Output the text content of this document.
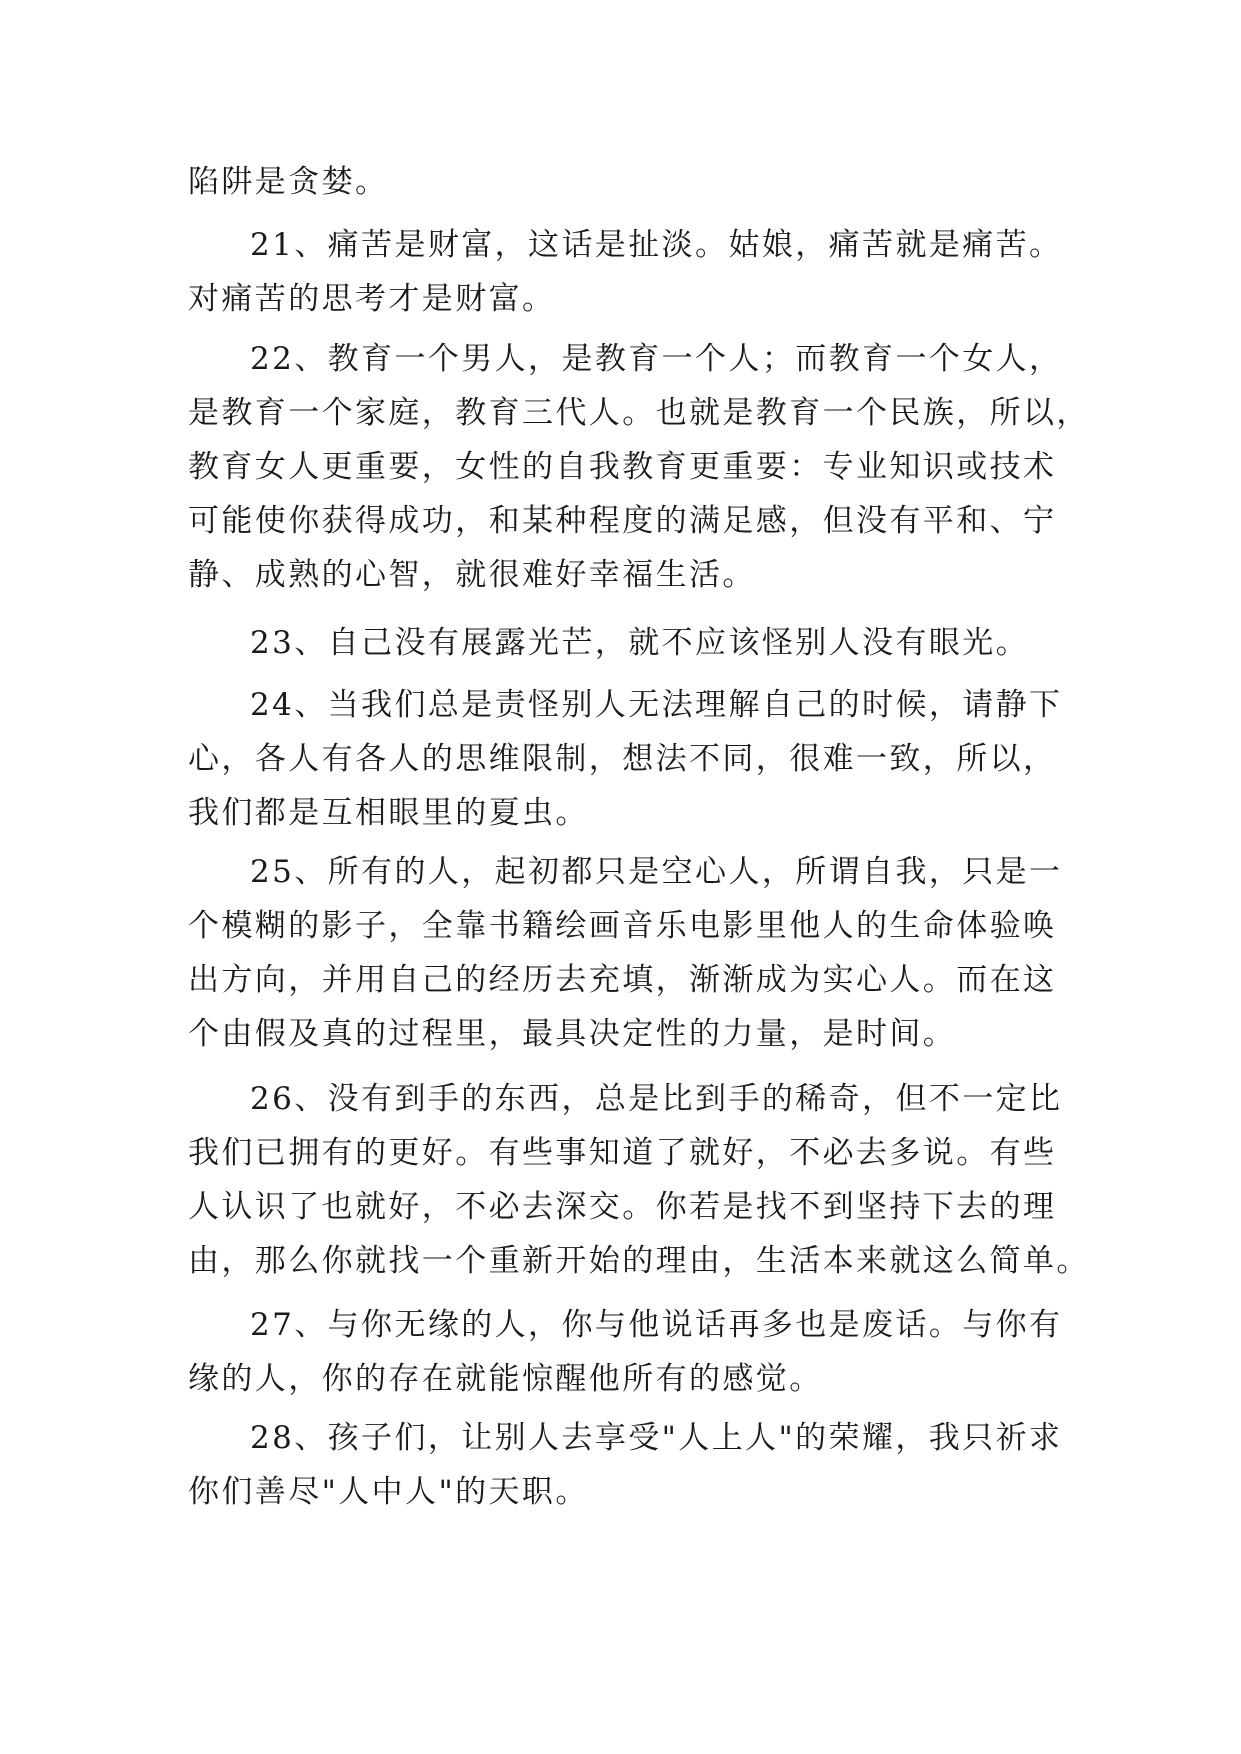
陷阱是贪婪。
21、痛苦是财富，这话是扯淡。姑娘，痛苦就是痛苦。
对痛苦的思考才是财富。
22、教育一个男人，是教育一个人；而教育一个女人，
是教育一个家庭，教育三代人。也就是教育一个民族，所以，
教育女人更重要，女性的自我教育更重要：专业知识或技术
可能使你获得成功，和某种程度的满足感，但没有平和、宁
静、成熟的心智，就很难好幸福生活。
23、自己没有展露光芒，就不应该怪别人没有眼光。
24、当我们总是责怪别人无法理解自己的时候，请静下
心，各人有各人的思维限制，想法不同，很难一致，所以，
我们都是互相眼里的夏虫。
25、所有的人，起初都只是空心人，所谓自我，只是一
个模糊的影子，全靠书籍绘画音乐电影里他人的生命体验唤
出方向，并用自己的经历去充填，渐渐成为实心人。而在这
个由假及真的过程里，最具决定性的力量，是时间。
26、没有到手的东西，总是比到手的稀奇，但不一定比
我们已拥有的更好。有些事知道了就好，不必去多说。有些
人认识了也就好，不必去深交。你若是找不到坚持下去的理
由，那么你就找一个重新开始的理由，生活本来就这么简单。
27、与你无缘的人，你与他说话再多也是废话。与你有
缘的人，你的存在就能惊醒他所有的感觉。
28、孩子们，让别人去享受"人上人"的荣耀，我只祈求
你们善尽"人中人"的天职。
